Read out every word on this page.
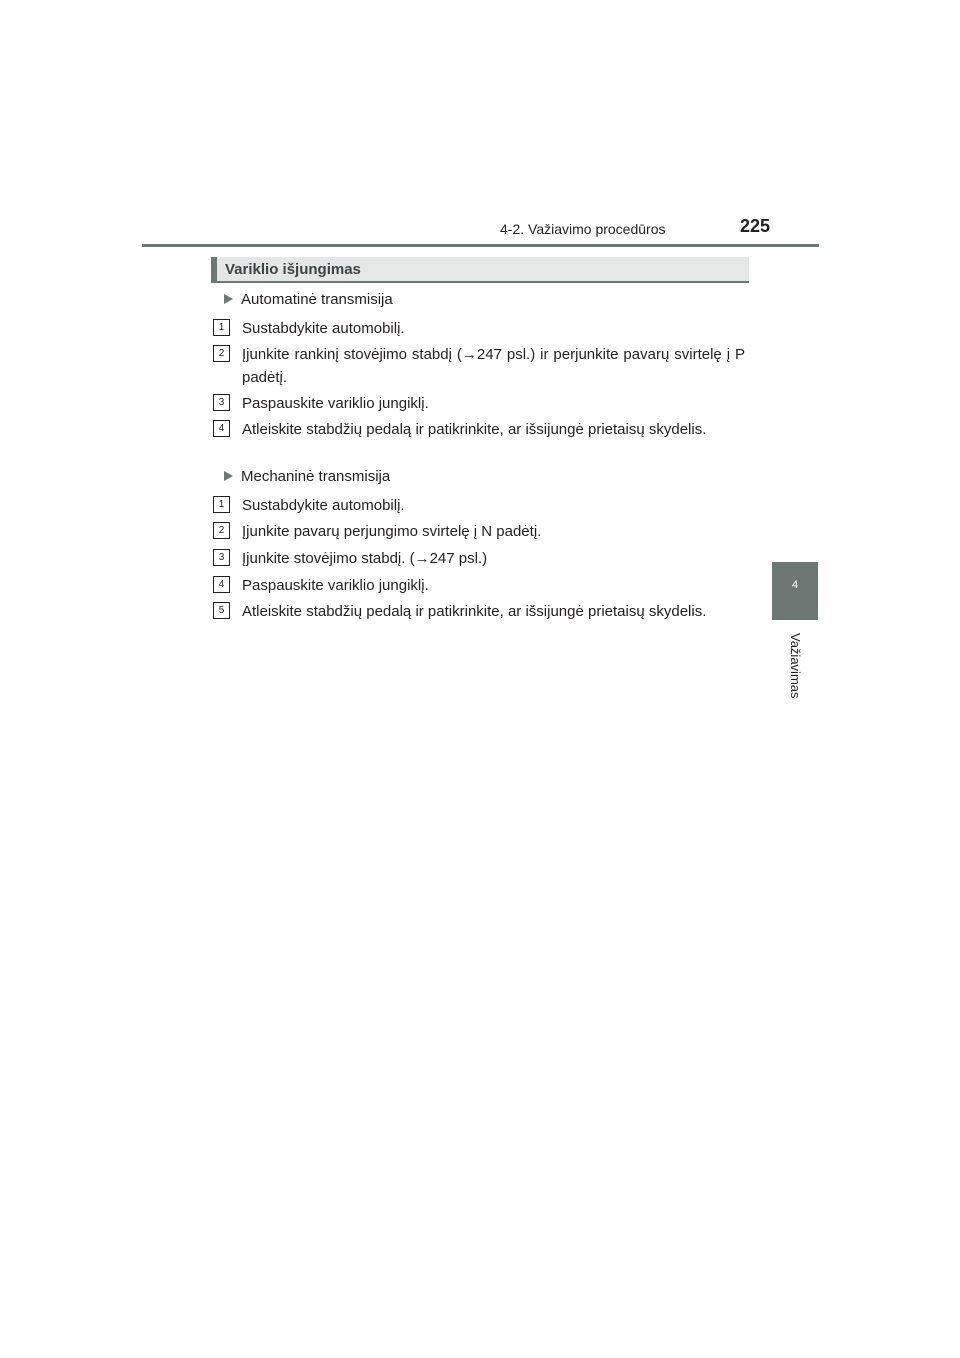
4-2. Važiavimo procedūros	225
4
Važiavimas
Variklio išjungimas
Automatinė transmisija
1	Sustabdykite automobilį.
2	Įjunkite rankinį stovėjimo stabdį (→247 psl.) ir perjunkite pavarų svirtelę į P padėtį.
3	Paspauskite variklio jungiklį.
4	Atleiskite stabdžių pedalą ir patikrinkite, ar išsijungė prietaisų skydelis.
Mechaninė transmisija
1	Sustabdykite automobilį.
2	Įjunkite pavarų perjungimo svirtelę į N padėtį.
3	Įjunkite stovėjimo stabdį. (→247 psl.)
4	Paspauskite variklio jungiklį.
5	Atleiskite stabdžių pedalą ir patikrinkite, ar išsijungė prietaisų skydelis.
